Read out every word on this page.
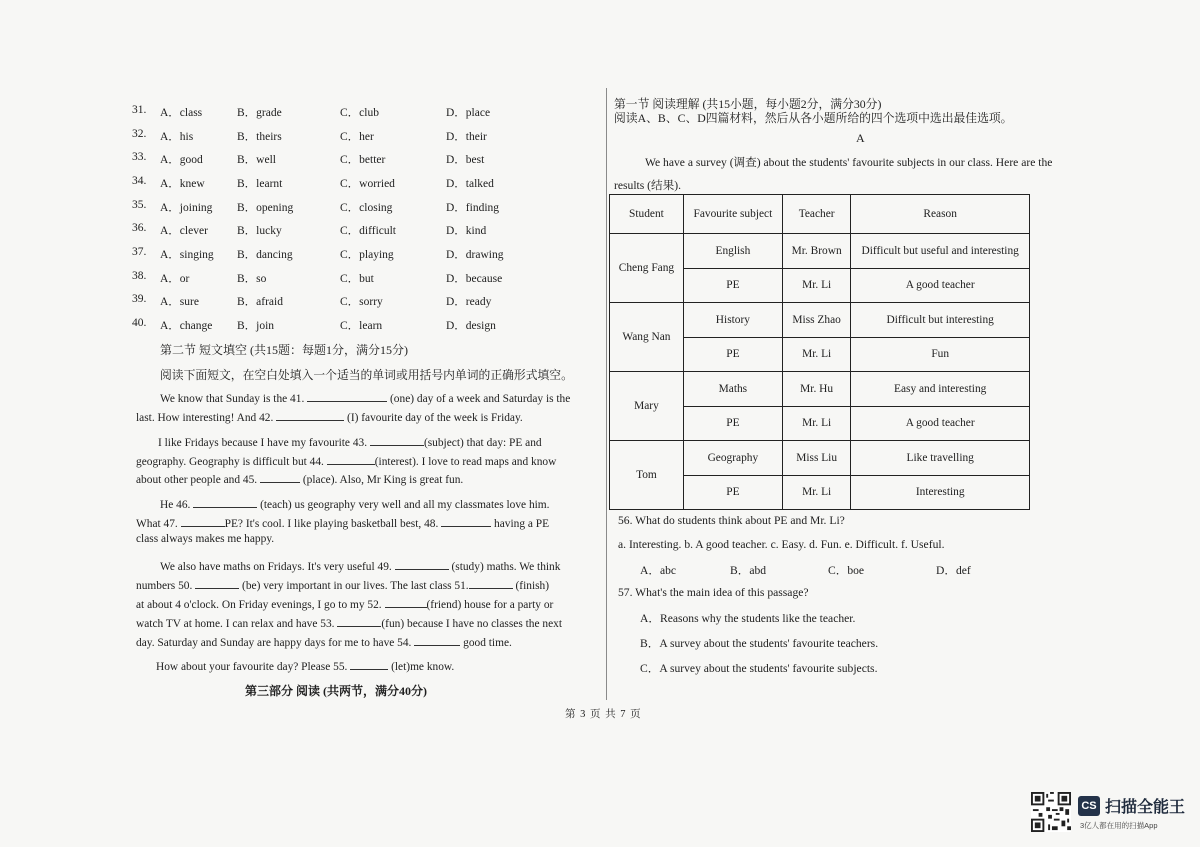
31. A．class	B．grade	C．club	D．place
32. A．his	B．theirs	C．her	D．their
33. A．good	B．well	C．better	D．best
34. A．knew	B．learnt	C．worried	D．talked
35. A．joining B．opening	C．closing	D．finding
36. A．clever	B．lucky	C．difficult	D．kind
37. A．singing B．dancing	C．playing	D．drawing
38. A．or	B．so	C．but	D．because
39. A．sure	B．afraid	C．sorry	D．ready
40. A．change B．join	C．learn	D．design
第二节 短文填空 (共15题：每题1分，满分15分)
阅读下面短文，在空白处填入一个适当的单词或用括号内单词的正确形式填空。
We know that Sunday is the 41.	(one) day of a week and Saturday is the
last. How interesting! And 42.	(I) favourite day of the week is Friday.
I like Fridays because I have my favourite 43.	(subject) that day: PE and
geography. Geography is difficult but 44.	(interest). I love to read maps and know
about other people and 45.	(place). Also, Mr King is great fun.
He 46.	(teach) us geography very well and all my classmates love him.
What 47.	PE? It's cool. I like playing basketball best, 48.	having a PE
class always makes me happy.
We also have maths on Fridays. It's very useful 49.	(study) maths. We think
numbers 50.	(be) very important in our lives. The last class 51.	(finish)
at about 4 o'clock. On Friday evenings, I go to my 52.	(friend) house for a party or
watch TV at home. I can relax and have 53.	(fun) because I have no classes the next
day. Saturday and Sunday are happy days for me to have 54.	good time.
How about your favourite day? Please 55.	(let)me know.
第三部分 阅读 (共两节，满分40分)
第一节 阅读理解 (共15小题，每小题2分，满分30分)
阅读A、B、C、D四篇材料，然后从各小题所给的四个选项中选出最佳选项。
A
We have a survey (调查) about the students' favourite subjects in our class. Here are the
results (结果).
Student	Favourite subject	Teacher	Reason
Cheng Fang	English	Mr. Brown	Difficult but useful and interesting
	PE	Mr. Li	A good teacher
Wang Nan	History	Miss Zhao	Difficult but interesting
	PE	Mr. Li	Fun
Mary	Maths	Mr. Hu	Easy and interesting
	PE	Mr. Li	A good teacher
Tom	Geography	Miss Liu	Like travelling
	PE	Mr. Li	Interesting
56. What do students think about PE and Mr. Li?
a. Interesting. b. A good teacher. c. Easy. d. Fun. e. Difficult. f. Useful.
A．abc	B．abd	C．boe	D．def
57. What's the main idea of this passage?
A．Reasons why the students like the teacher.
B．A survey about the students' favourite teachers.
C．A survey about the students' favourite subjects.
第 3 页 共 7 页
CS 扫描全能王
3亿人都在用的扫描App
